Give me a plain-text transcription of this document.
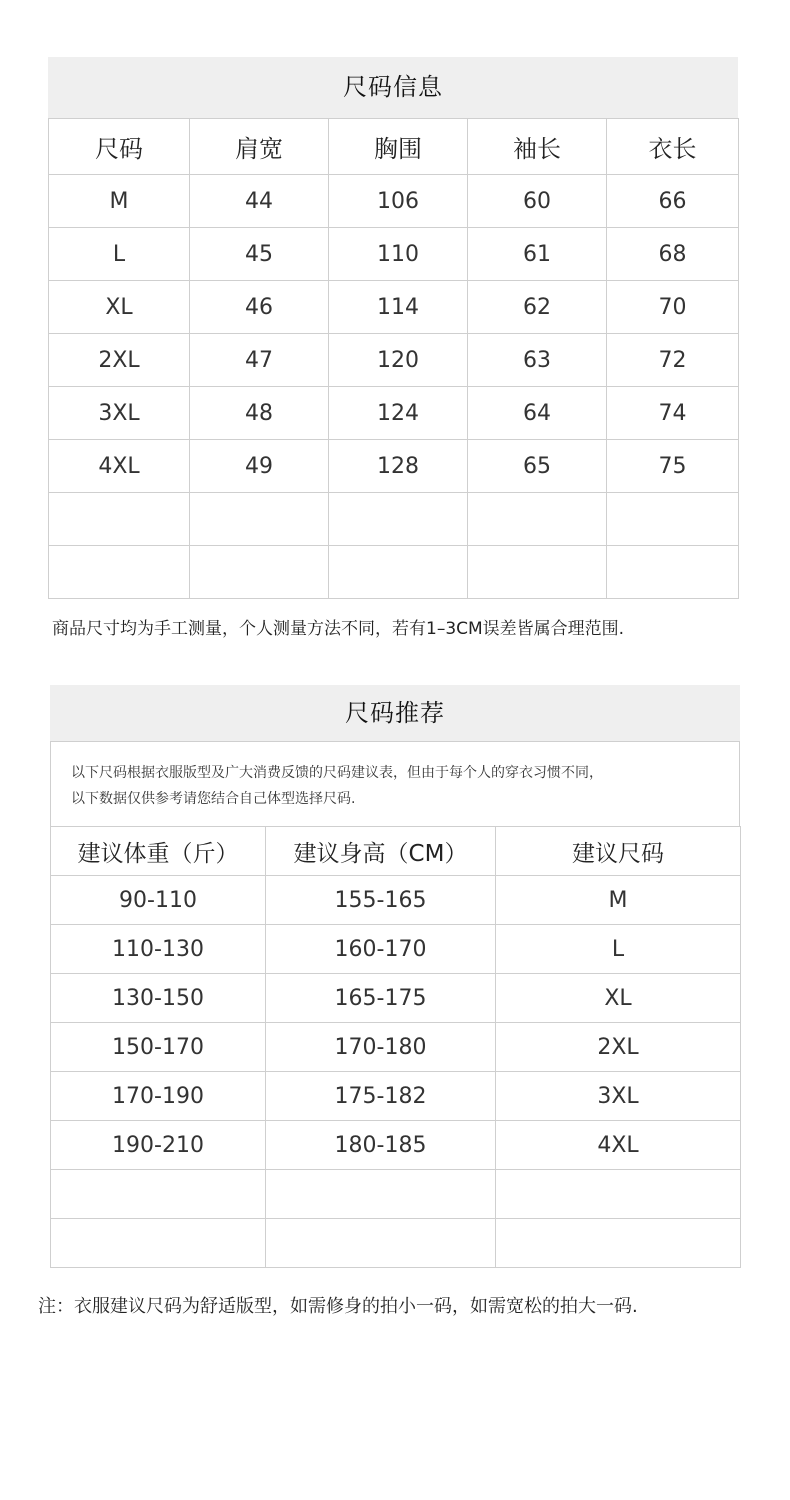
尺码信息
尺码	肩宽	胸围	袖长	衣长
M	44	106	60	66
L	45	110	61	68
XL	46	114	62	70
2XL	47	120	63	72
3XL	48	124	64	74
4XL	49	128	65	75

商品尺寸均为手工测量，个人测量方法不同，若有1–3CM误差皆属合理范围.
尺码推荐
以下尺码根据衣服版型及广大消费反馈的尺码建议表，但由于每个人的穿衣习惯不同，
以下数据仅供参考请您结合自己体型选择尺码.
建议体重（斤）	建议身高（CM）	建议尺码
90-110	155-165	M
110-130	160-170	L
130-150	165-175	XL
150-170	170-180	2XL
170-190	175-182	3XL
190-210	180-185	4XL

注：衣服建议尺码为舒适版型，如需修身的拍小一码，如需宽松的拍大一码.
